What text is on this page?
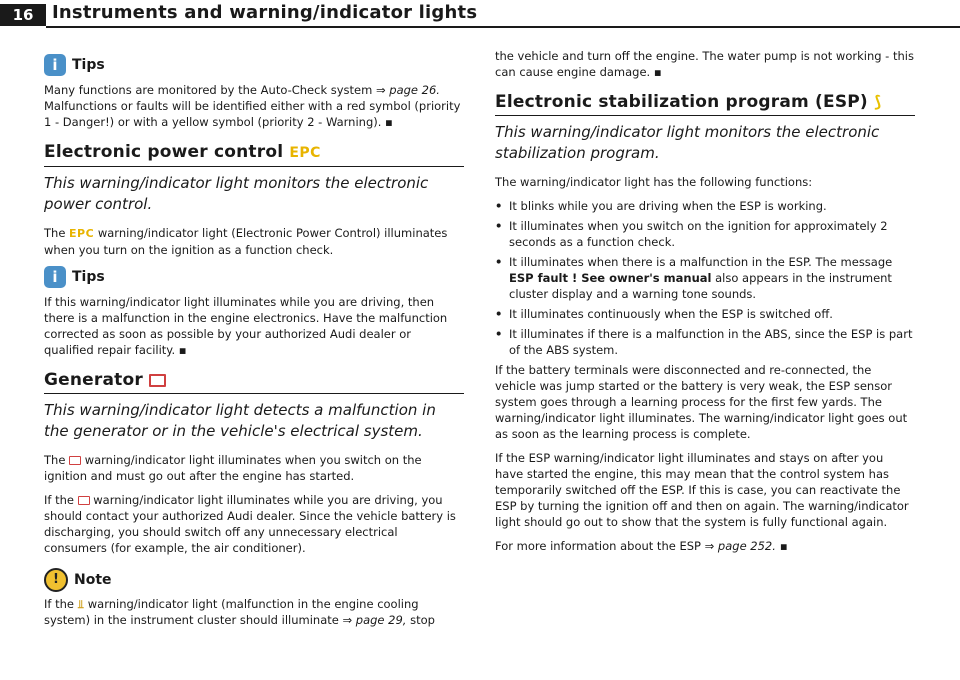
16	Instruments and warning/indicator lights
i	Tips

Many functions are monitored by the Auto-Check system ⇒ page 26. Malfunctions or faults will be identified either with a red symbol (priority 1 - Danger!) or with a yellow symbol (priority 2 - Warning). ▪

Electronic power control EPC
This warning/indicator light monitors the electronic power control.

The EPC warning/indicator light (Electronic Power Control) illuminates when you turn on the ignition as a function check.

i	Tips

If this warning/indicator light illuminates while you are driving, then there is a malfunction in the engine electronics. Have the malfunction corrected as soon as possible by your authorized Audi dealer or qualified repair facility. ▪

Generator
This warning/indicator light detects a malfunction in the generator or in the vehicle's electrical system.

The  warning/indicator light illuminates when you switch on the ignition and must go out after the engine has started.

If the  warning/indicator light illuminates while you are driving, you should contact your authorized Audi dealer. Since the vehicle battery is discharging, you should switch off any unnecessary electrical consumers (for example, the air conditioner).

!	Note

If the ⫫ warning/indicator light (malfunction in the engine cooling system) in the instrument cluster should illuminate ⇒ page 29, stop

the vehicle and turn off the engine. The water pump is not working - this can cause engine damage. ▪

Electronic stabilization program (ESP) ⟆
This warning/indicator light monitors the electronic stabilization program.

The warning/indicator light has the following functions:

• It blinks while you are driving when the ESP is working.
• It illuminates when you switch on the ignition for approximately 2 seconds as a function check.
• It illuminates when there is a malfunction in the ESP. The message ESP fault ! See owner's manual also appears in the instrument cluster display and a warning tone sounds.
• It illuminates continuously when the ESP is switched off.
• It illuminates if there is a malfunction in the ABS, since the ESP is part of the ABS system.

If the battery terminals were disconnected and re-connected, the vehicle was jump started or the battery is very weak, the ESP sensor system goes through a learning process for the first few yards. The warning/indicator light illuminates. The warning/indicator light goes out as soon as the learning process is complete.

If the ESP warning/indicator light illuminates and stays on after you have started the engine, this may mean that the control system has temporarily switched off the ESP. If this is case, you can reactivate the ESP by turning the ignition off and then on again. The warning/indicator light should go out to show that the system is fully functional again.

For more information about the ESP ⇒ page 252. ▪
